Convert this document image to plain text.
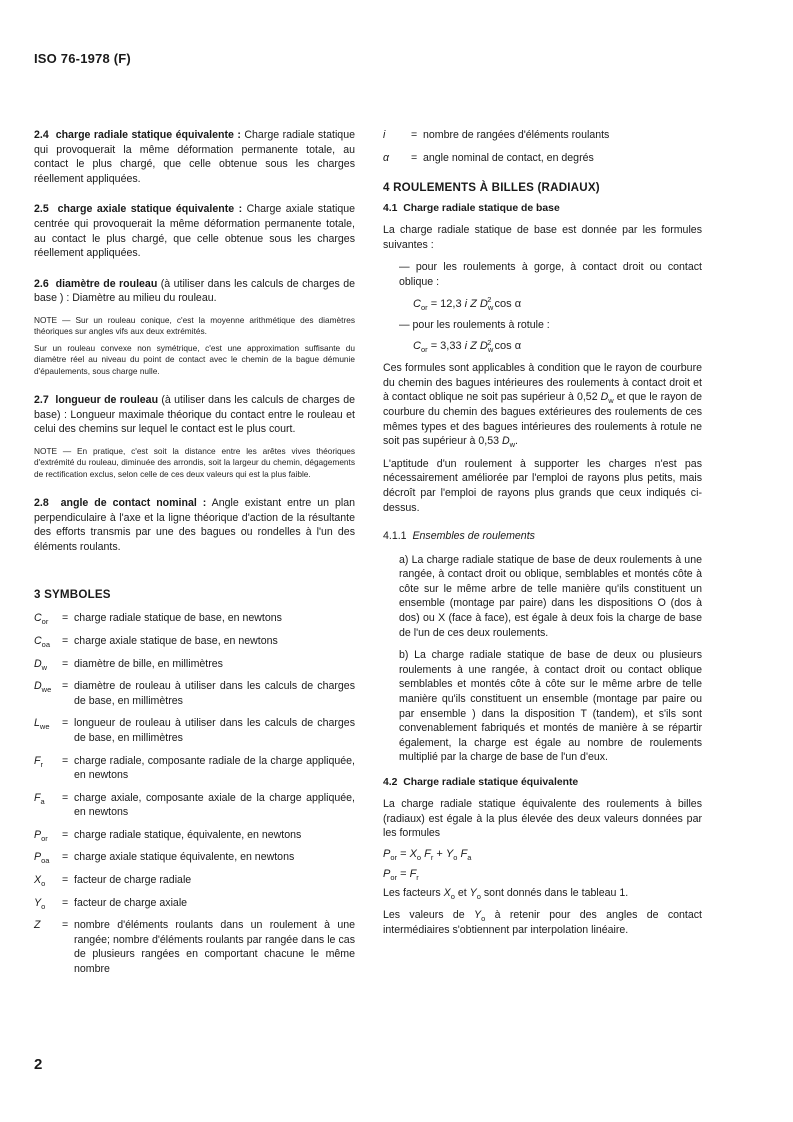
ISO 76-1978 (F)

2.4 charge radiale statique équivalente : Charge radiale statique qui provoquerait la même déformation permanente totale, au contact le plus chargé, que celle obtenue sous les charges réellement appliquées.

2.5 charge axiale statique équivalente : Charge axiale statique centrée qui provoquerait la même déformation permanente totale, au contact le plus chargé, que celle obtenue sous les charges réellement appliquées.

2.6 diamètre de rouleau (à utiliser dans les calculs de charges de base ) : Diamètre au milieu du rouleau.

NOTE — Sur un rouleau conique, c'est la moyenne arithmétique des diamètres théoriques sur angles vifs aux deux extrémités.

Sur un rouleau convexe non symétrique, c'est une approximation suffisante du diamètre réel au niveau du point de contact avec le chemin de la bague démunie d'épaulements, sous charge nulle.

2.7 longueur de rouleau (à utiliser dans les calculs de charges de base) : Longueur maximale théorique du contact entre le rouleau et celui des chemins sur lequel le contact est le plus court.

NOTE — En pratique, c'est soit la distance entre les arêtes vives théoriques d'extrémité du rouleau, diminuée des arrondis, soit la largeur du chemin, dégagements de rectification exclus, selon celle de ces deux valeurs qui est la plus faible.

2.8 angle de contact nominal : Angle existant entre un plan perpendiculaire à l'axe et la ligne théorique d'action de la résultante des efforts transmis par une des bagues ou rondelles à l'un des éléments roulants.

3 SYMBOLES

$C_{or}$	= charge radiale statique de base, en newtons
$C_{oa}$	= charge axiale statique de base, en newtons
$D_w$	= diamètre de bille, en millimètres
$D_{we}$	= diamètre de rouleau à utiliser dans les calculs de charges de base, en millimètres
$L_{we}$	= longueur de rouleau à utiliser dans les calculs de charges de base, en millimètres
$F_r$	= charge radiale, composante radiale de la charge appliquée, en newtons
$F_a$	= charge axiale, composante axiale de la charge appliquée, en newtons
$P_{or}$	= charge radiale statique, équivalente, en newtons
$P_{oa}$	= charge axiale statique équivalente, en newtons
$X_o$	= facteur de charge radiale
$Y_o$	= facteur de charge axiale
Z	= nombre d'éléments roulants dans un roulement à une rangée; nombre d'éléments roulants par rangée dans le cas de plusieurs rangées en comportant chacune le même nombre
i	= nombre de rangées d'éléments roulants
α	= angle nominal de contact, en degrés

4 ROULEMENTS À BILLES (RADIAUX)

4.1 Charge radiale statique de base

La charge radiale statique de base est donnée par les formules suivantes :

— pour les roulements à gorge, à contact droit ou contact oblique :

$C_{or} = 12,3$ i Z $D_w^2$ cos α

— pour les roulements à rotule :

$C_{or} = 3,33$ i Z $D_w^2$ cos α

Ces formules sont applicables à condition que le rayon de courbure du chemin des bagues intérieures des roulements à contact droit et à contact oblique ne soit pas supérieur à 0,52 $D_w$ et que le rayon de courbure du chemin des bagues extérieures des roulements de ces mêmes types et des bagues intérieures des roulements à rotule ne soit pas supérieur à 0,53 $D_w$.

L'aptitude d'un roulement à supporter les charges n'est pas nécessairement améliorée par l'emploi de rayons plus petits, mais décroît par l'emploi de rayons plus grands que ceux indiqués ci-dessus.

4.1.1 Ensembles de roulements

a) La charge radiale statique de base de deux roulements à une rangée, à contact droit ou oblique, semblables et montés côte à côte sur le même arbre de telle manière qu'ils constituent un ensemble (montage par paire) dans les dispositions O (dos à dos) ou X (face à face), est égale à deux fois la charge de base de l'un de ces deux roulements.

b) La charge radiale statique de base de deux ou plusieurs roulements à une rangée, à contact droit ou contact oblique semblables et montés côte à côte sur le même arbre de telle manière qu'ils constituent un ensemble (montage par paire ou par ensemble ) dans la disposition T (tandem), et s'ils sont convenablement fabriqués et montés de manière à se répartir également, la charge est égale au nombre de roulements multiplié par la charge de base de l'un d'eux.

4.2 Charge radiale statique équivalente

La charge radiale statique équivalente des roulements à billes (radiaux) est égale à la plus élevée des deux valeurs données par les formules

$P_{or} = X_o$ $F_r + Y_o$ $F_a$

$P_{or} = F_r$

Les facteurs $X_o$ et $Y_o$ sont donnés dans le tableau 1.

Les valeurs de $Y_o$ à retenir pour des angles de contact intermédiaires s'obtiennent par interpolation linéaire.

2
